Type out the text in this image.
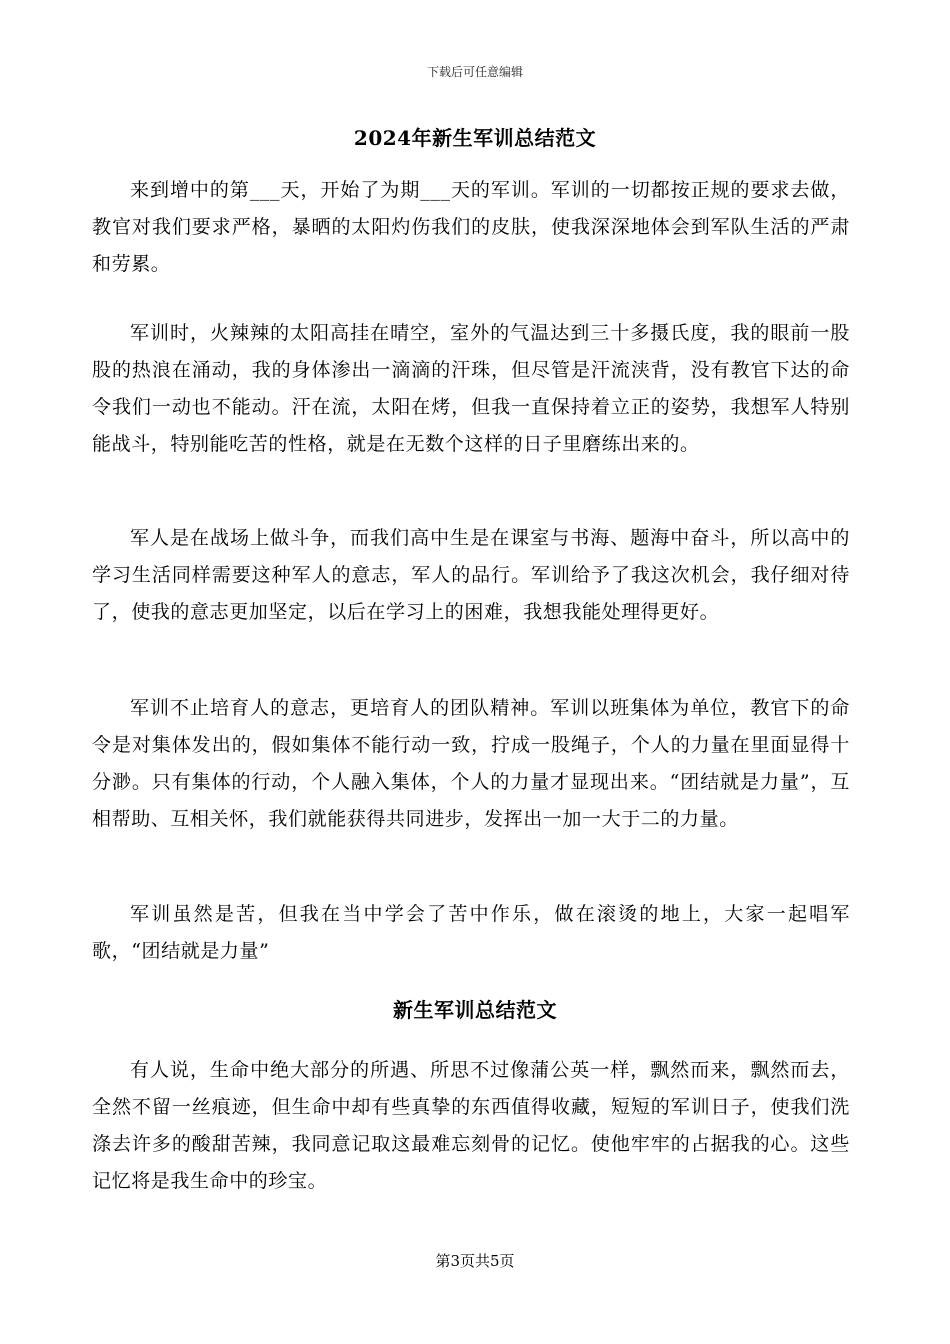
下载后可任意编辑
2024年新生军训总结范文

来到增中的第___天，开始了为期___天的军训。军训的一切都按正规的要求去做，教官对我们要求严格，暴晒的太阳灼伤我们的皮肤，使我深深地体会到军队生活的严肃和劳累。

军训时，火辣辣的太阳高挂在晴空，室外的气温达到三十多摄氏度，我的眼前一股股的热浪在涌动，我的身体渗出一滴滴的汗珠，但尽管是汗流浃背，没有教官下达的命令我们一动也不能动。汗在流，太阳在烤，但我一直保持着立正的姿势，我想军人特别能战斗，特别能吃苦的性格，就是在无数个这样的日子里磨练出来的。

军人是在战场上做斗争，而我们高中生是在课室与书海、题海中奋斗，所以高中的学习生活同样需要这种军人的意志，军人的品行。军训给予了我这次机会，我仔细对待了，使我的意志更加坚定，以后在学习上的困难，我想我能处理得更好。

军训不止培育人的意志，更培育人的团队精神。军训以班集体为单位，教官下的命令是对集体发出的，假如集体不能行动一致，拧成一股绳子，个人的力量在里面显得十分渺。只有集体的行动，个人融入集体，个人的力量才显现出来。“团结就是力量”，互相帮助、互相关怀，我们就能获得共同进步，发挥出一加一大于二的力量。

军训虽然是苦，但我在当中学会了苦中作乐，做在滚烫的地上，大家一起唱军歌，“团结就是力量”

新生军训总结范文

有人说，生命中绝大部分的所遇、所思不过像蒲公英一样，飘然而来，飘然而去，全然不留一丝痕迹，但生命中却有些真挚的东西值得收藏，短短的军训日子，使我们洗涤去许多的酸甜苦辣，我同意记取这最难忘刻骨的记忆。使他牢牢的占据我的心。这些记忆将是我生命中的珍宝。

第3页共5页
